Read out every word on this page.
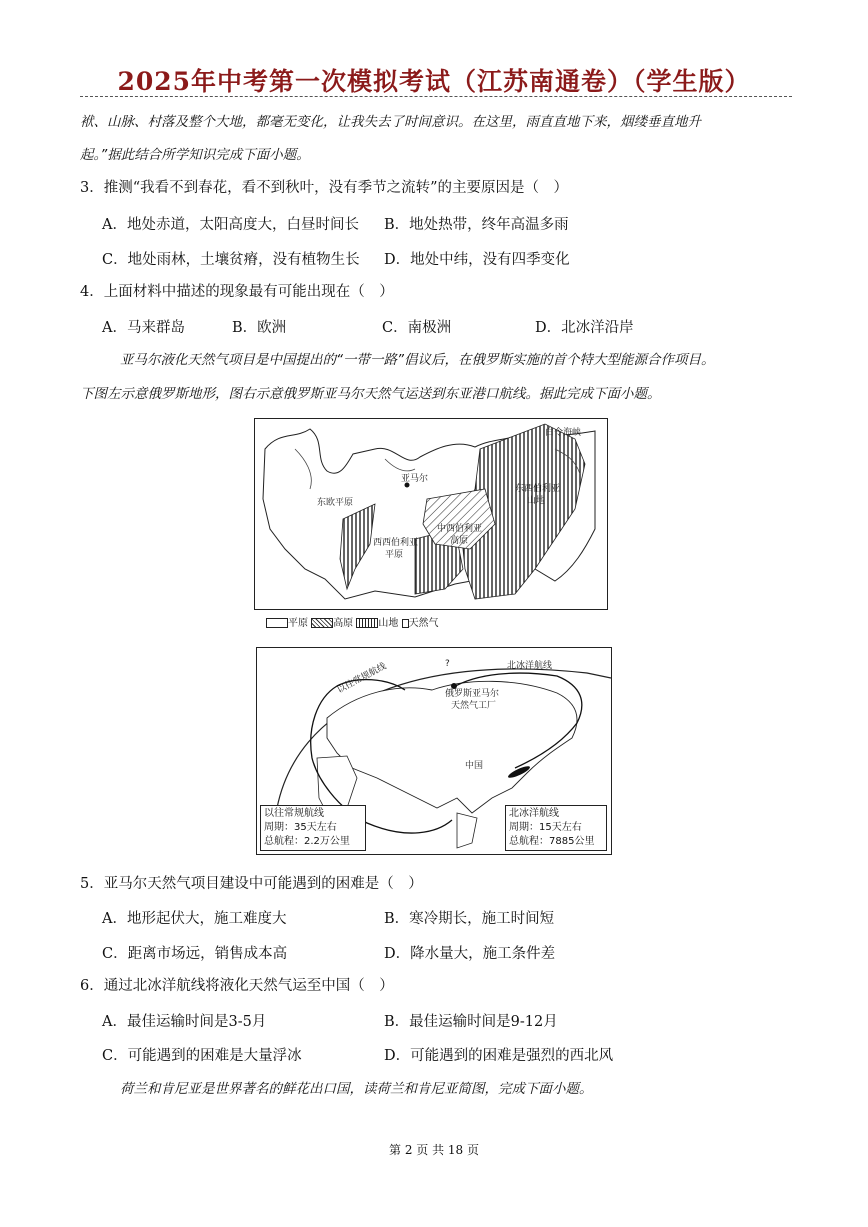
2025年中考第一次模拟考试（江苏南通卷）（学生版）
袱、山脉、村落及整个大地，都毫无变化，让我失去了时间意识。在这里，雨直直地下来，烟缕垂直地升
起。”据此结合所学知识完成下面小题。
3．推测“我看不到春花，看不到秋叶，没有季节之流转”的主要原因是（　）
A．地处赤道，太阳高度大，白昼时间长 B．地处热带，终年高温多雨
C．地处雨林，土壤贫瘠，没有植物生长 D．地处中纬，没有四季变化
4．上面材料中描述的现象最有可能出现在（　）
A．马来群岛	B．欧洲	C．南极洲	D．北冰洋沿岸
亚马尔液化天然气项目是中国提出的“一带一路”倡议后，在俄罗斯实施的首个特大型能源合作项目。
下图左示意俄罗斯地形，图右示意俄罗斯亚马尔天然气运送到东亚港口航线。据此完成下面小题。
白令海峡
亚马尔
东西伯利亚
山地
东欧平原
中西伯利亚
高原
西西伯利亚
平原
平原	高原	山地 天然气
以往常规航线	北冰洋航线
俄罗斯亚马尔
天然气工厂
?
中国
以往常规航线
周期：35天左右
总航程：2.2万公里
北冰洋航线
周期：15天左右
总航程：7885公里
5．亚马尔天然气项目建设中可能遇到的困难是（　）
A．地形起伏大，施工难度大	B．寒冷期长，施工时间短
C．距离市场远，销售成本高	D．降水量大，施工条件差
6．通过北冰洋航线将液化天然气运至中国（　）
A．最佳运输时间是3-5月	B．最佳运输时间是9-12月
C．可能遇到的困难是大量浮冰	D．可能遇到的困难是强烈的西北风
荷兰和肯尼亚是世界著名的鲜花出口国，读荷兰和肯尼亚简图，完成下面小题。
第 2 页 共 18 页
